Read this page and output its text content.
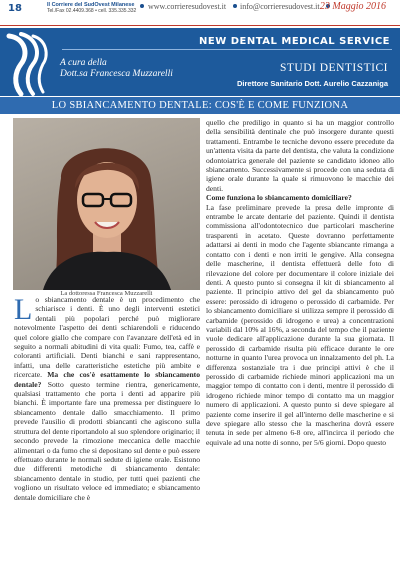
18	Il Corriere del SudOvest Milanese
Tel./Fax 02.4409.368 • cell. 335.335.332 www.corrieresudovest.it info@corrieresudovest.it 23 Maggio 2016
NEW DENTAL MEDICAL SERVICE
A cura della
Dott.sa Francesca Muzzarelli	STUDI DENTISTICI
Direttore Sanitario Dott. Aurelio Cazzaniga
LO SBIANCAMENTO DENTALE: COS'È E COME FUNZIONA
La dottoressa Francesca Muzzarelli

Lo sbiancamento dentale è un procedimento che schiarisce i denti. È uno degli interventi estetici dentali più popolari perché può migliorare notevolmente l'aspetto dei denti schiarendoli e riducendo quel colore giallo che compare con l'avanzare dell'età ed in seguito a normali abitudini di vita quali: Fumo, tea, caffè e coloranti artificiali. Denti bianchi e sani rappresentano, infatti, una delle caratteristiche estetiche più ambite e ricercate. Ma che cos'è esattamente lo sbiancamento dentale? Sotto questo termine rientra, genericamente, qualsiasi trattamento che porta i denti ad apparire più bianchi. È importante fare una premessa per distinguere lo sbiancamento dentale dallo smacchiamento. Il primo prevede l'ausilio di prodotti sbiancanti che agiscono sulla struttura del dente riportandolo al suo splendore originario; il secondo prevede la rimozione meccanica delle macchie alimentari o da fumo che si depositano sul dente e può essere effettuato durante le normali sedute di igiene orale. Esistono due differenti metodiche di sbiancamento dentale: sbiancamento dentale in studio, per tutti quei pazienti che vogliono un risultato veloce ed immediato; e sbiancamento dentale domiciliare che è

quello che prediligo in quanto si ha un maggior controllo della sensibilità dentinale che può insorgere durante questi trattamenti. Entrambe le tecniche devono essere precedute da un'attenta visita da parte del dentista, che valuta la condizione odontoiatrica generale del paziente se candidato idoneo allo sbiancamento. Successivamente si procede con una seduta di igiene orale durante la quale si rimuovono le macchie dei denti.
Come funziona lo sbiancamento domiciliare?
La fase preliminare prevede la presa delle impronte di entrambe le arcate dentarie del paziente. Quindi il dentista commissiona all'odontotecnico due particolari mascherine trasparenti in acetato. Queste dovranno perfettamente adattarsi ai denti in modo che l'agente sbiancante rimanga a contatto con i denti e non irriti le gengive. Alla consegna delle mascherine, il dentista effettuerà delle foto di rilevazione del colore per documentare il colore iniziale dei denti. A questo punto si consegna il kit di sbiancamento al paziente. Il principio attivo del gel da sbiancamento può essere: perossido di idrogeno o perossido di carbamide. Per lo sbiancamento domiciliare si utilizza sempre il perossido di carbamide (perossido di idrogeno e urea) a concentrazioni variabili dal 10% al 16%, a seconda del tempo che il paziente vuole dedicare all'applicazione durante la sua giornata. Il perossido di carbamide risulta più efficace durante le ore notturne in quanto l'urea provoca un innalzamento del ph. La differenza sostanziale tra i due principi attivi è che il perossido di carbamide richiede minori applicazioni ma un maggior tempo di contatto con i denti, mentre il perossido di idrogeno richiede minor tempo di contatto ma un maggior numero di applicazioni. A questo punto si deve spiegare al paziente come inserire il gel all'interno delle mascherine e si deve spiegare allo stesso che la mascherina dovrà essere tenuta in sede per almeno 6-8 ore, all'incirca il periodo che equivale ad una notte di sonno, per 5/6 giorni. Dopo questo
